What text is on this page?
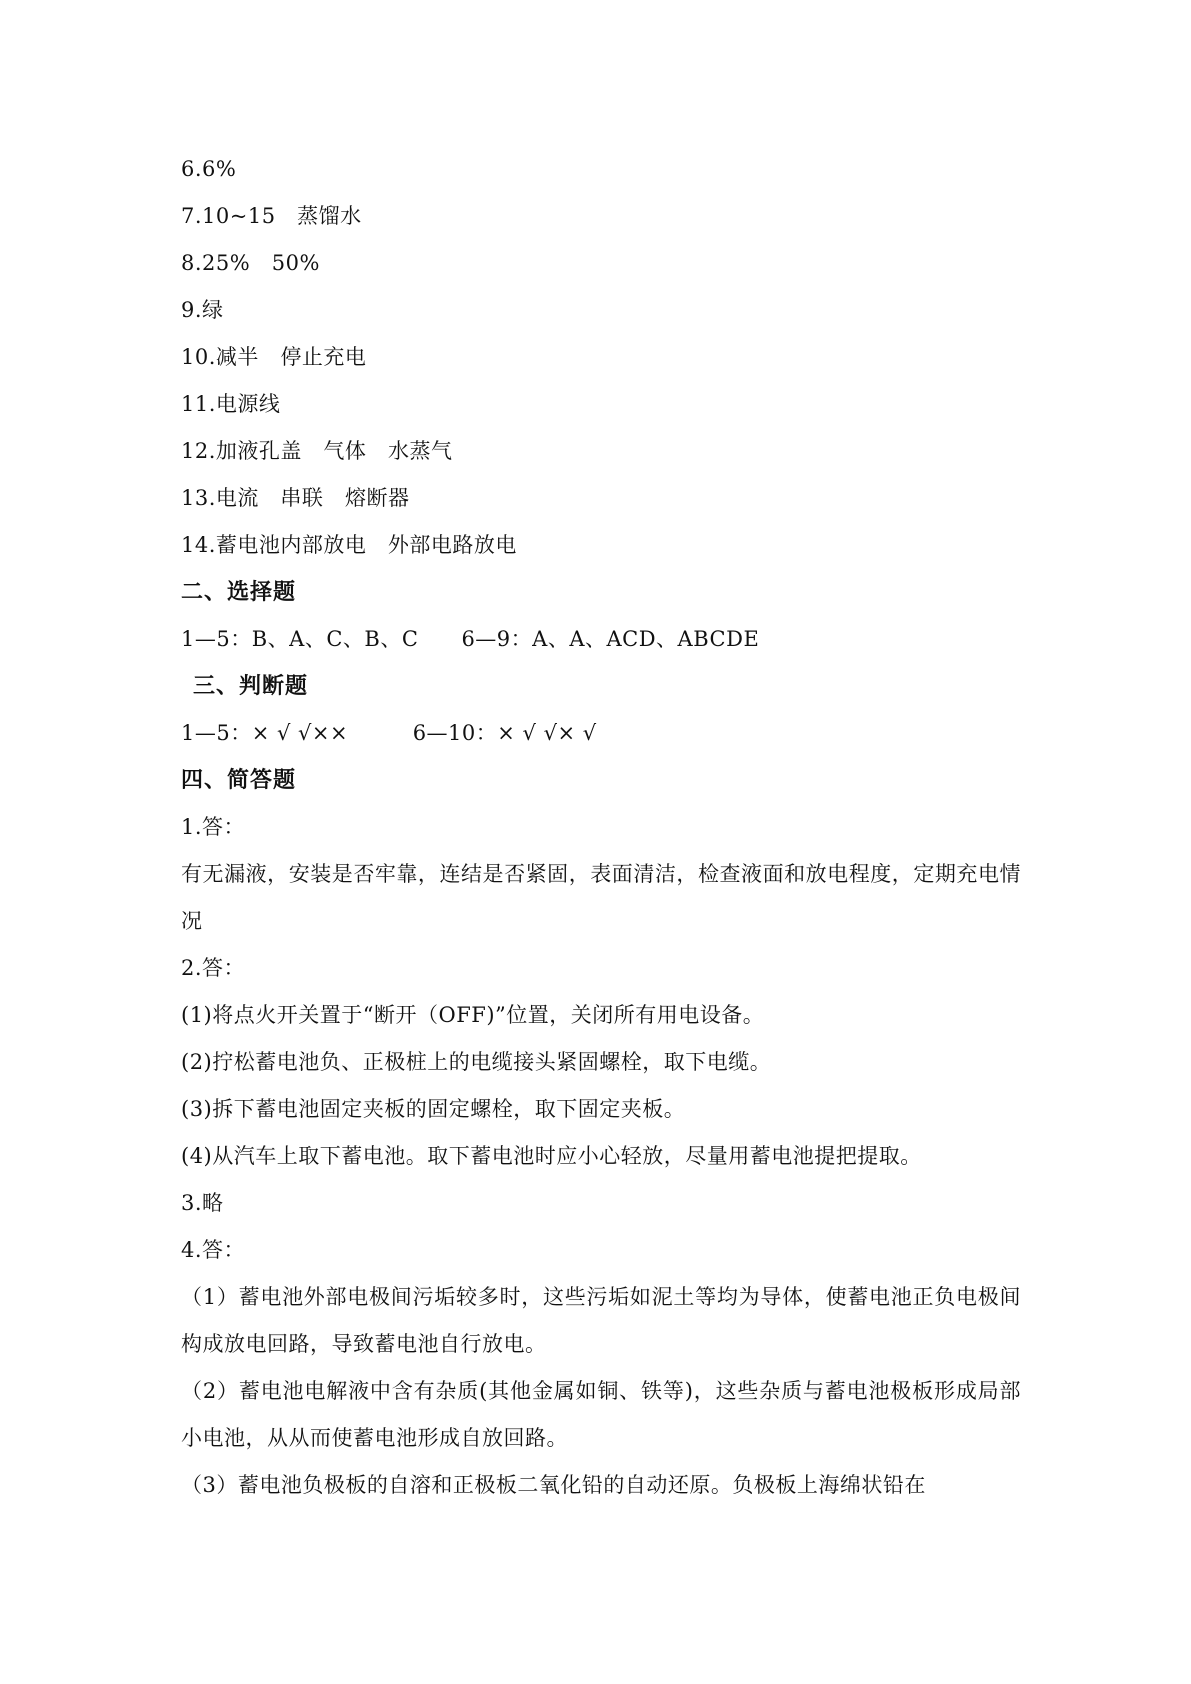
6.6%
7.10~15   蒸馏水
8.25%   50%
9.绿
10.减半   停止充电
11.电源线
12.加液孔盖   气体   水蒸气
13.电流   串联   熔断器
14.蓄电池内部放电   外部电路放电
二、选择题
1—5：B、A、C、B、C      6—9：A、A、ACD、ABCDE
三、判断题
1—5：× √ √××         6—10：× √ √× √
四、简答题
1.答：
有无漏液，安装是否牢靠，连结是否紧固，表面清洁，检查液面和放电程度，定期充电情况
2.答：
(1)将点火开关置于“断开（OFF)”位置，关闭所有用电设备。
(2)拧松蓄电池负、正极桩上的电缆接头紧固螺栓，取下电缆。
(3)拆下蓄电池固定夹板的固定螺栓，取下固定夹板。
(4)从汽车上取下蓄电池。取下蓄电池时应小心轻放，尽量用蓄电池提把提取。
3.略
4.答：
（1）蓄电池外部电极间污垢较多时，这些污垢如泥土等均为导体，使蓄电池正负电极间构成放电回路，导致蓄电池自行放电。
（2）蓄电池电解液中含有杂质(其他金属如铜、铁等)，这些杂质与蓄电池极板形成局部小电池，从从而使蓄电池形成自放回路。
（3）蓄电池负极板的自溶和正极板二氧化铅的自动还原。负极板上海绵状铅在
